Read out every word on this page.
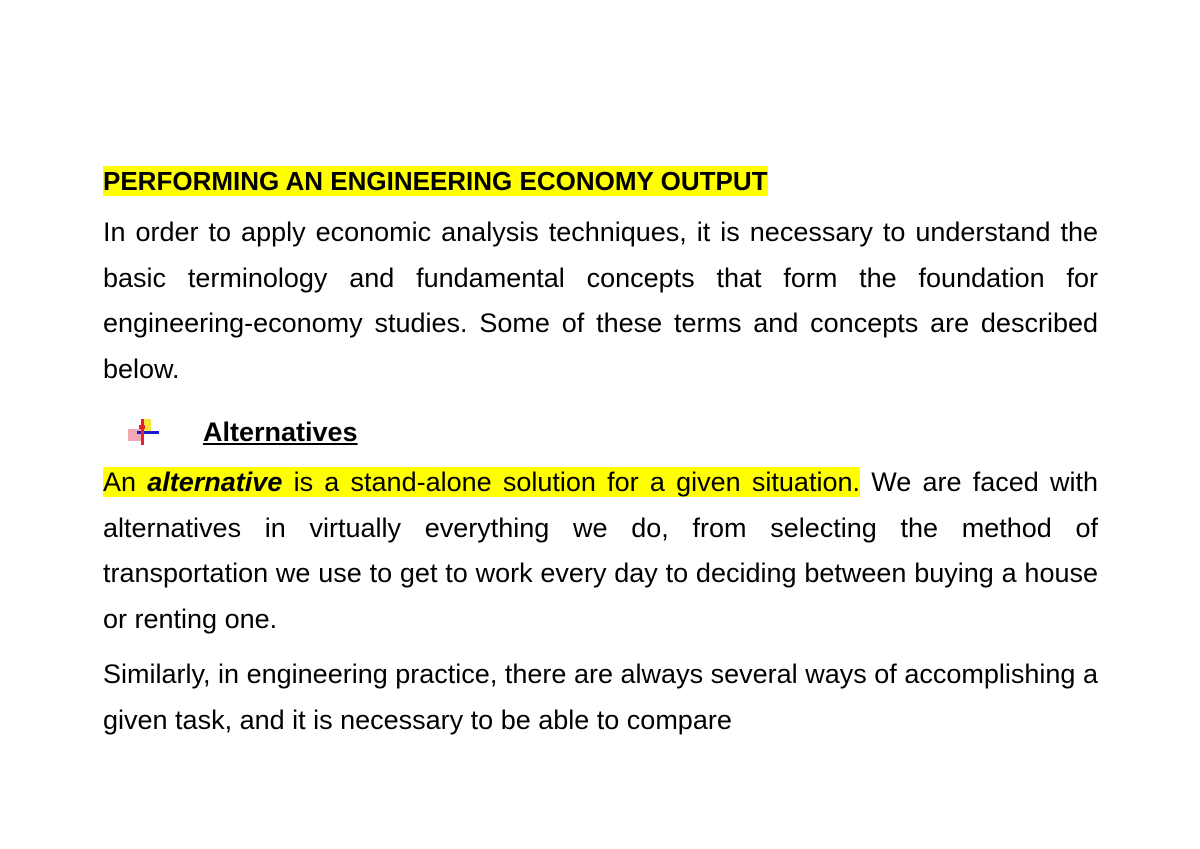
PERFORMING AN ENGINEERING ECONOMY OUTPUT

In order to apply economic analysis techniques, it is necessary to understand the basic terminology and fundamental concepts that form the foundation for engineering-economy studies. Some of these terms and concepts are described below.

Alternatives

An alternative is a stand-alone solution for a given situation. We are faced with alternatives in virtually everything we do, from selecting the method of transportation we use to get to work every day to deciding between buying a house or renting one.

Similarly, in engineering practice, there are always several ways of accomplishing a given task, and it is necessary to be able to compare
